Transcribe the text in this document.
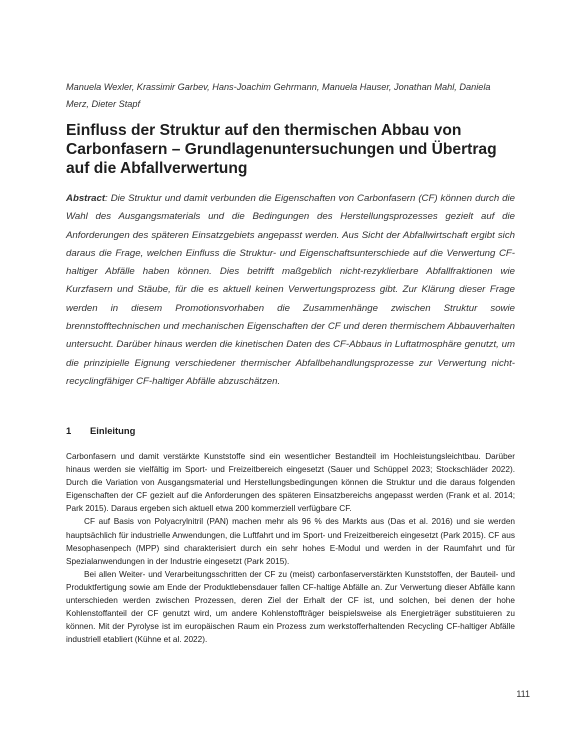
Manuela Wexler, Krassimir Garbev, Hans-Joachim Gehrmann, Manuela Hauser, Jonathan Mahl, Daniela Merz, Dieter Stapf
Einfluss der Struktur auf den thermischen Abbau von Carbonfasern – Grundlagenuntersuchungen und Übertrag auf die Abfallverwertung
Abstract: Die Struktur und damit verbunden die Eigenschaften von Carbonfasern (CF) können durch die Wahl des Ausgangsmaterials und die Bedingungen des Herstellungsprozesses gezielt auf die Anforderungen des späteren Einsatzgebiets angepasst werden. Aus Sicht der Abfallwirtschaft ergibt sich daraus die Frage, welchen Einfluss die Struktur- und Eigenschaftsunterschiede auf die Verwertung CF-haltiger Abfälle haben können. Dies betrifft maßgeblich nicht-rezyklierbare Abfallfraktionen wie Kurzfasern und Stäube, für die es aktuell keinen Verwertungsprozess gibt. Zur Klärung dieser Frage werden in diesem Promotionsvorhaben die Zusammenhänge zwischen Struktur sowie brennstofftechnischen und mechanischen Eigenschaften der CF und deren thermischem Abbauverhalten untersucht. Darüber hinaus werden die kinetischen Daten des CF-Abbaus in Luftatmosphäre genutzt, um die prinzipielle Eignung verschiedener thermischer Abfallbehandlungsprozesse zur Verwertung nicht-recyclingfähiger CF-haltiger Abfälle abzuschätzen.
1 Einleitung

Carbonfasern und damit verstärkte Kunststoffe sind ein wesentlicher Bestandteil im Hochleistungsleichtbau. Darüber hinaus werden sie vielfältig im Sport- und Freizeitbereich eingesetzt (Sauer und Schüppel 2023; Stockschläder 2022). Durch die Variation von Ausgangsmaterial und Herstellungsbedingungen können die Struktur und die daraus folgenden Eigenschaften der CF gezielt auf die Anforderungen des späteren Einsatzbereichs angepasst werden (Frank et al. 2014; Park 2015). Daraus ergeben sich aktuell etwa 200 kommerziell verfügbare CF.

CF auf Basis von Polyacrylnitril (PAN) machen mehr als 96 % des Markts aus (Das et al. 2016) und sie werden hauptsächlich für industrielle Anwendungen, die Luftfahrt und im Sport- und Freizeitbereich eingesetzt (Park 2015). CF aus Mesophasenpech (MPP) sind charakterisiert durch ein sehr hohes E-Modul und werden in der Raumfahrt und für Spezialanwendungen in der Industrie eingesetzt (Park 2015).

Bei allen Weiter- und Verarbeitungsschritten der CF zu (meist) carbonfaserverstärkten Kunststoffen, der Bauteil- und Produktfertigung sowie am Ende der Produktlebensdauer fallen CF-haltige Abfälle an. Zur Verwertung dieser Abfälle kann unterschieden werden zwischen Prozessen, deren Ziel der Erhalt der CF ist, und solchen, bei denen der hohe Kohlenstoffanteil der CF genutzt wird, um andere Kohlenstoffträger beispielsweise als Energieträger substituieren zu können. Mit der Pyrolyse ist im europäischen Raum ein Prozess zum werkstofferhaltenden Recycling CF-haltiger Abfälle industriell etabliert (Kühne et al. 2022).

111
